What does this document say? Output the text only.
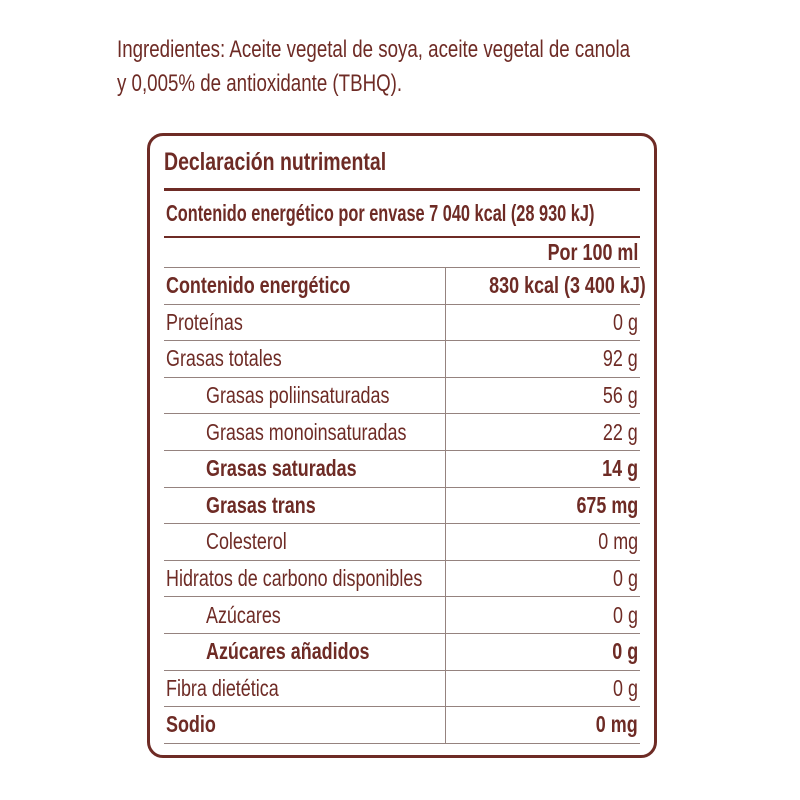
Ingredientes: Aceite vegetal de soya, aceite vegetal de canola
y 0,005% de antioxidante (TBHQ).
Declaración nutrimental
Contenido energético por envase 7 040 kcal (28 930 kJ)
Por 100 ml
Contenido energético	830 kcal (3 400 kJ)
Proteínas	0 g
Grasas totales	92 g
Grasas poliinsaturadas	56 g
Grasas monoinsaturadas	22 g
Grasas saturadas	14 g
Grasas trans	675 mg
Colesterol	0 mg
Hidratos de carbono disponibles	0 g
Azúcares	0 g
Azúcares añadidos	0 g
Fibra dietética	0 g
Sodio	0 mg
